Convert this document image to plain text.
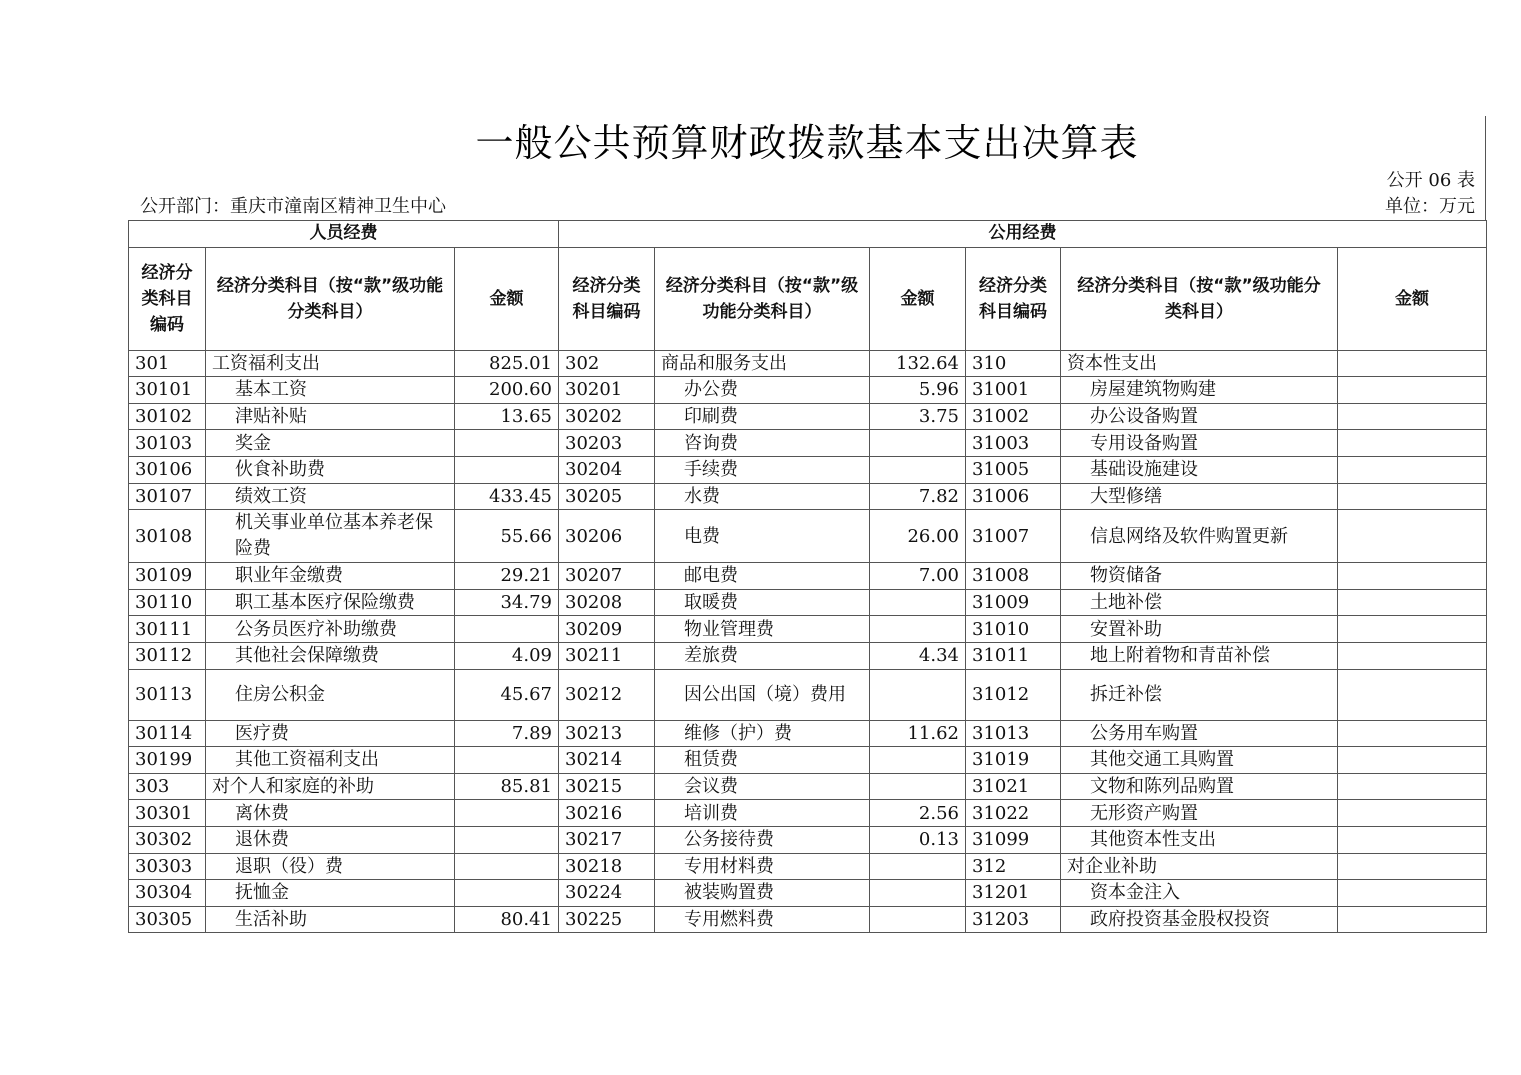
一般公共预算财政拨款基本支出决算表
公开 06 表
公开部门：重庆市潼南区精神卫生中心	单位：万元
人员经费			公用经费					
经济分类科目编码	经济分类科目（按“款”级功能分类科目）	金额	经济分类科目编码	经济分类科目（按“款”级功能分类科目）	金额	经济分类科目编码	经济分类科目（按“款”级功能分类科目）	金额
301	工资福利支出	825.01	302	商品和服务支出	132.64	310	资本性支出	
30101	基本工资	200.60	30201	办公费	5.96	31001	房屋建筑物购建	
30102	津贴补贴	13.65	30202	印刷费	3.75	31002	办公设备购置	
30103	奖金		30203	咨询费		31003	专用设备购置	
30106	伙食补助费		30204	手续费		31005	基础设施建设	
30107	绩效工资	433.45	30205	水费	7.82	31006	大型修缮	
30108	机关事业单位基本养老保险费	55.66	30206	电费	26.00	31007	信息网络及软件购置更新	
30109	职业年金缴费	29.21	30207	邮电费	7.00	31008	物资储备	
30110	职工基本医疗保险缴费	34.79	30208	取暖费		31009	土地补偿	
30111	公务员医疗补助缴费		30209	物业管理费		31010	安置补助	
30112	其他社会保障缴费	4.09	30211	差旅费	4.34	31011	地上附着物和青苗补偿	
30113	住房公积金	45.67	30212	因公出国（境）费用		31012	拆迁补偿	
30114	医疗费	7.89	30213	维修（护）费	11.62	31013	公务用车购置	
30199	其他工资福利支出		30214	租赁费		31019	其他交通工具购置	
303	对个人和家庭的补助	85.81	30215	会议费		31021	文物和陈列品购置	
30301	离休费		30216	培训费	2.56	31022	无形资产购置	
30302	退休费		30217	公务接待费	0.13	31099	其他资本性支出	
30303	退职（役）费		30218	专用材料费		312	对企业补助	
30304	抚恤金		30224	被装购置费		31201	资本金注入	
30305	生活补助	80.41	30225	专用燃料费		31203	政府投资基金股权投资	
